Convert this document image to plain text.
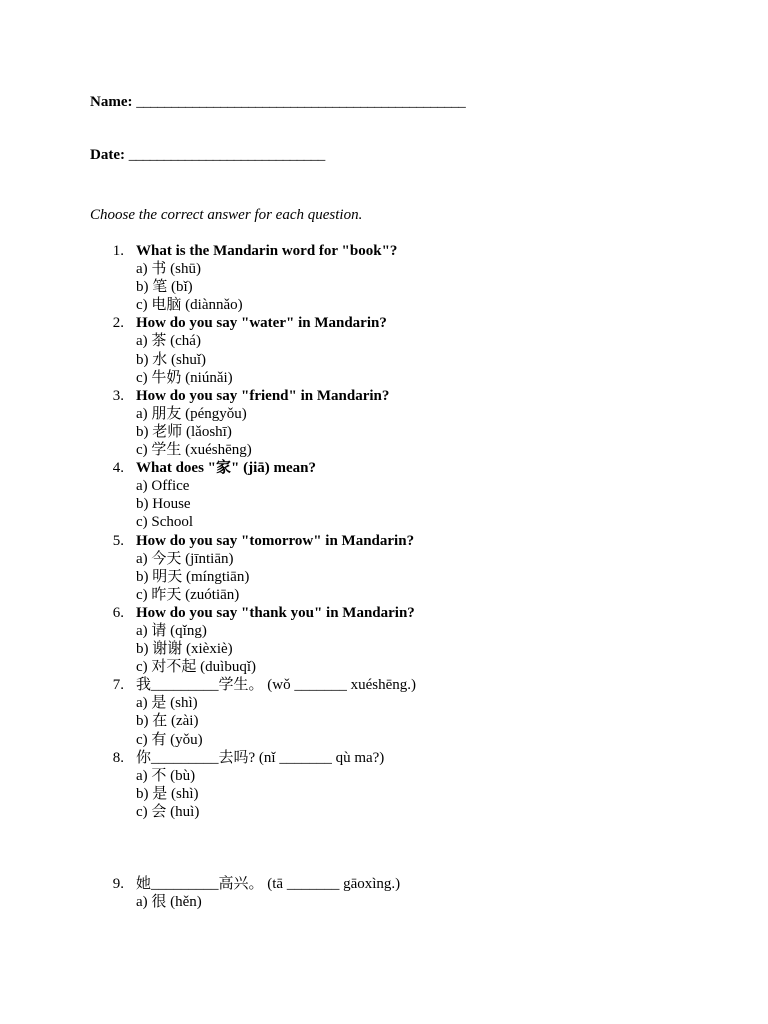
Name: _______________________________________________
Date: ____________________________
Choose the correct answer for each question.
1. What is the Mandarin word for "book"?
a) 书 (shū)
b) 笔 (bǐ)
c) 电脑 (diànnǎo)
2. How do you say "water" in Mandarin?
a) 茶 (chá)
b) 水 (shuǐ)
c) 牛奶 (niúnǎi)
3. How do you say "friend" in Mandarin?
a) 朋友 (péngyǒu)
b) 老师 (lǎoshī)
c) 学生 (xuéshēng)
4. What does "家" (jiā) mean?
a) Office
b) House
c) School
5. How do you say "tomorrow" in Mandarin?
a) 今天 (jīntiān)
b) 明天 (míngtiān)
c) 昨天 (zuótiān)
6. How do you say "thank you" in Mandarin?
a) 请 (qǐng)
b) 谢谢 (xièxiè)
c) 对不起 (duìbuqǐ)
7. 我_________学生。 (wǒ _______ xuéshēng.)
a) 是 (shì)
b) 在 (zài)
c) 有 (yǒu)
8. 你_________去吗? (nǐ _______ qù ma?)
a) 不 (bù)
b) 是 (shì)
c) 会 (huì)
9. 她_________高兴。 (tā _______ gāoxìng.)
a) 很 (hěn)
